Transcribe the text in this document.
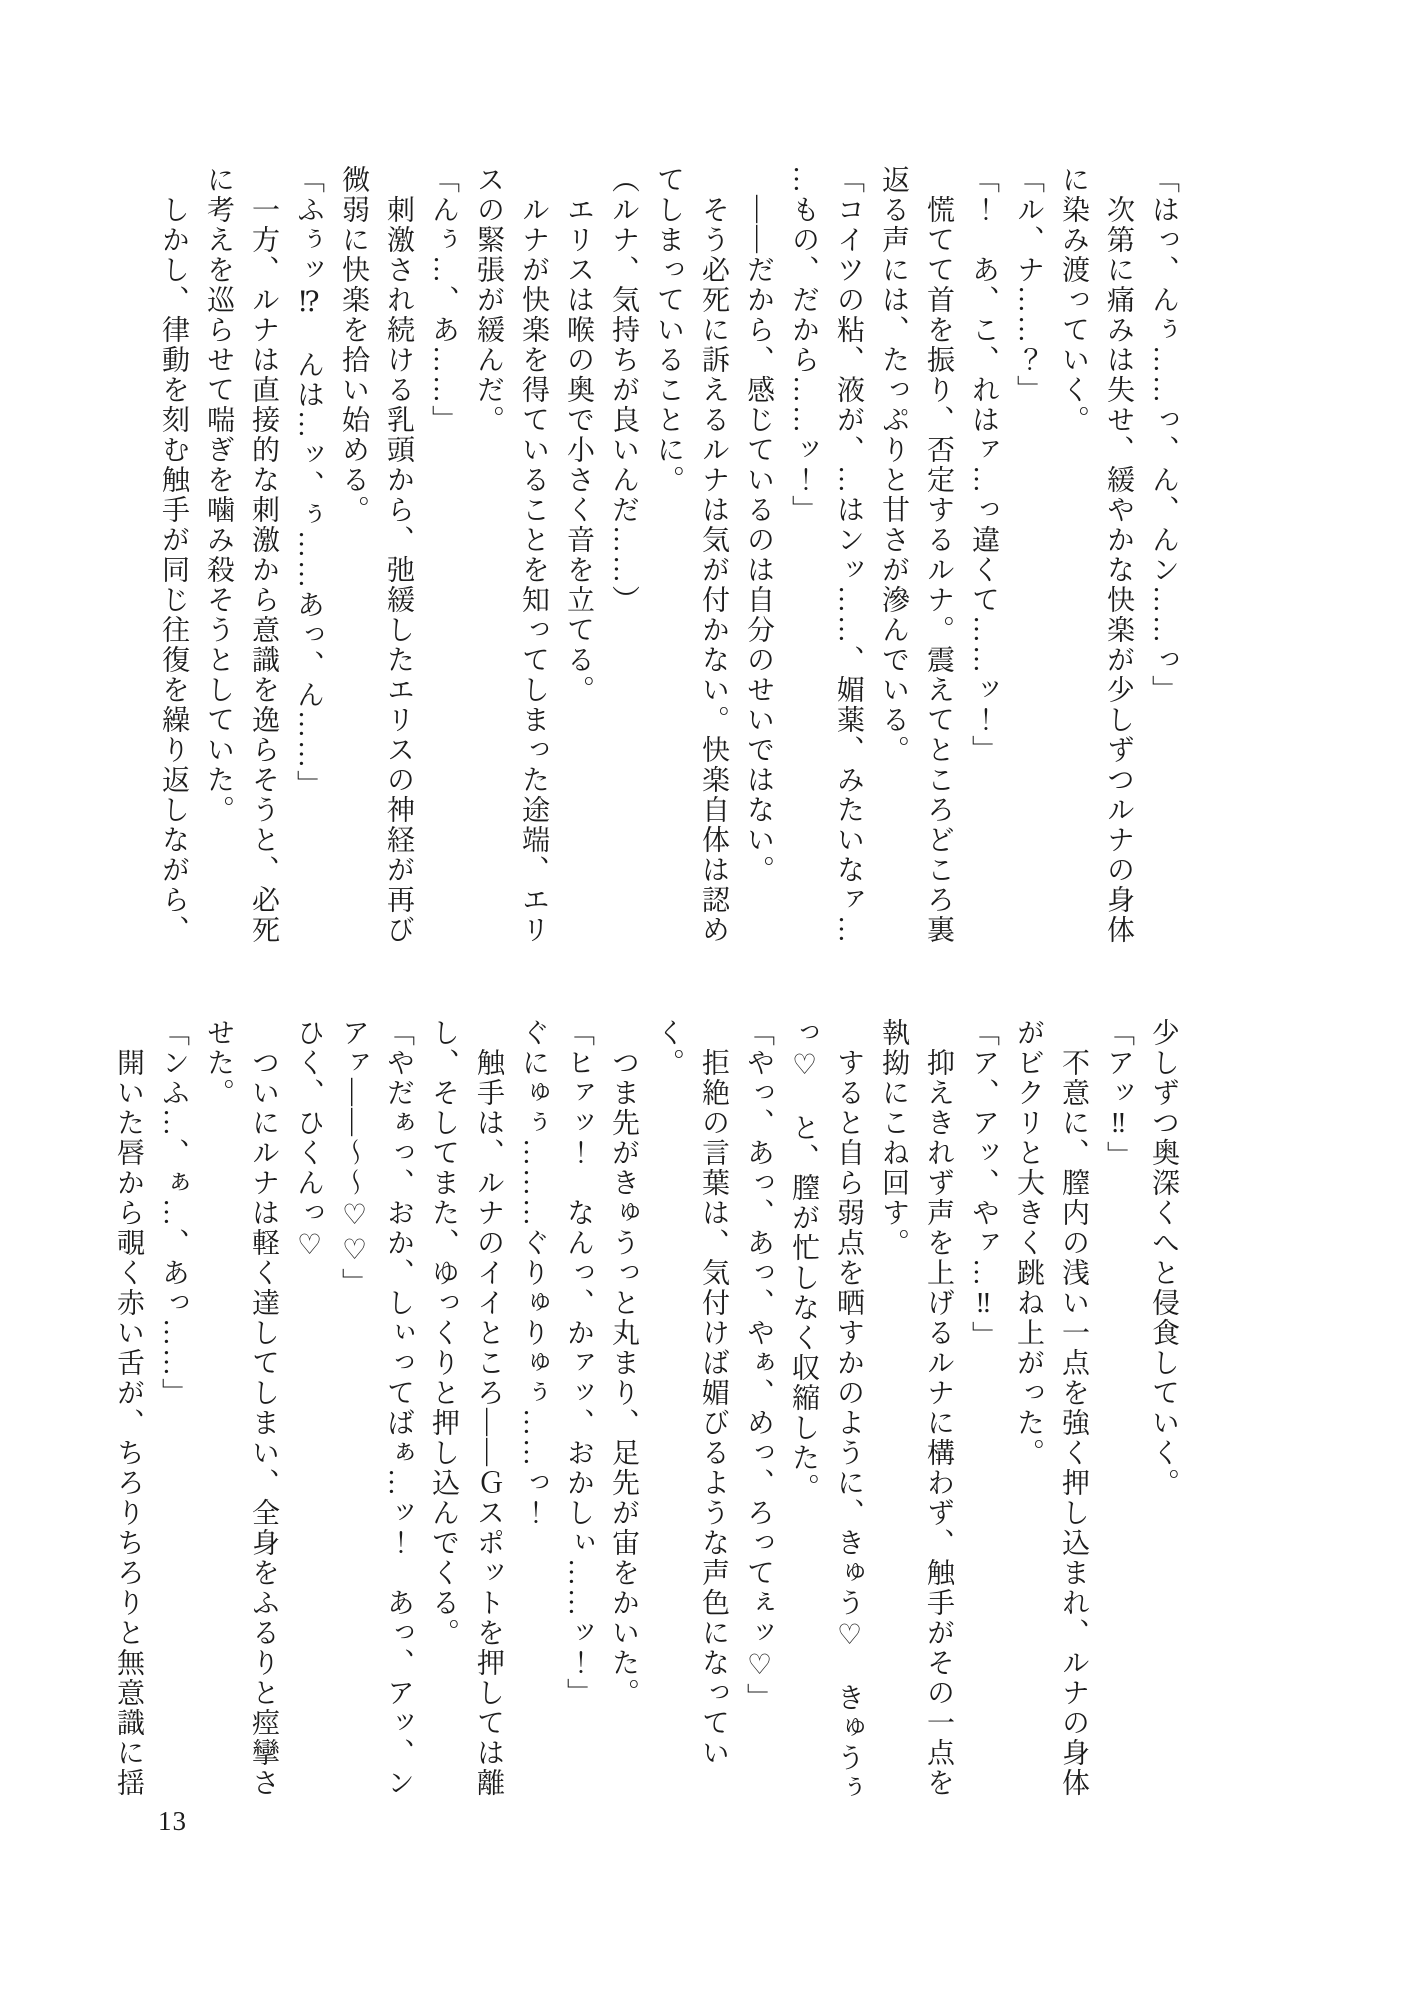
「はっ、んぅ……っ、ん、んン……っ」

　次第に痛みは失せ、緩やかな快楽が少しずつルナの身体

に染み渡っていく。

「ル、ナ……？」

「！　あ、こ、れはァ…っ違くて……ッ！」

　慌てて首を振り、否定するルナ。震えてところどころ裏

返る声には、たっぷりと甘さが滲んでいる。

「コイツの粘、液が、…はンッ……、媚薬、みたいなァ…

…もの、だから……ッ！」

　――だから、感じているのは自分のせいではない。

　そう必死に訴えるルナは気が付かない。快楽自体は認め

てしまっていることに。

（ルナ、気持ちが良いんだ……）

　エリスは喉の奥で小さく音を立てる。

　ルナが快楽を得ていることを知ってしまった途端、エリ

スの緊張が緩んだ。

「んぅ…、あ……」

　刺激され続ける乳頭から、弛緩したエリスの神経が再び

微弱に快楽を拾い始める。

「ふぅッ⁉　んは…ッ、ぅ……あっ、ん……」

　一方、ルナは直接的な刺激から意識を逸らそうと、必死

に考えを巡らせて喘ぎを噛み殺そうとしていた。

　しかし、律動を刻む触手が同じ往復を繰り返しながら、

少しずつ奥深くへと侵食していく。

「アッ‼」

　不意に、膣内の浅い一点を強く押し込まれ、ルナの身体

がビクリと大きく跳ね上がった。

「ア、アッ、やァ…‼」

　抑えきれず声を上げるルナに構わず、触手がその一点を

執拗にこね回す。

　すると自ら弱点を晒すかのように、きゅう♡　きゅうぅ

っ♡　と、膣が忙しなく収縮した。

「やっ、あっ、あっ、やぁ、めっ、ろってぇッ♡」

　拒絶の言葉は、気付けば媚びるような声色になっていく。

　つま先がきゅうっと丸まり、足先が宙をかいた。

「ヒァッ！　なんっ、かァッ、おかしぃ……ッ！」

ぐにゅぅ………ぐりゅりゅぅ……っ！

　触手は、ルナのイイところ――Ｇスポットを押しては離

し、そしてまた、ゆっくりと押し込んでくる。

「やだぁっ、おか、しぃってばぁ…ッ！　あっ、アッ、ン

アァ――〜〜♡♡」

ひく、ひくんっ♡

　ついにルナは軽く達してしまい、全身をふるりと痙攣さ

せた。

「ンふ…、ぁ…、あっ……」

　開いた唇から覗く赤い舌が、ちろりちろりと無意識に揺

13
